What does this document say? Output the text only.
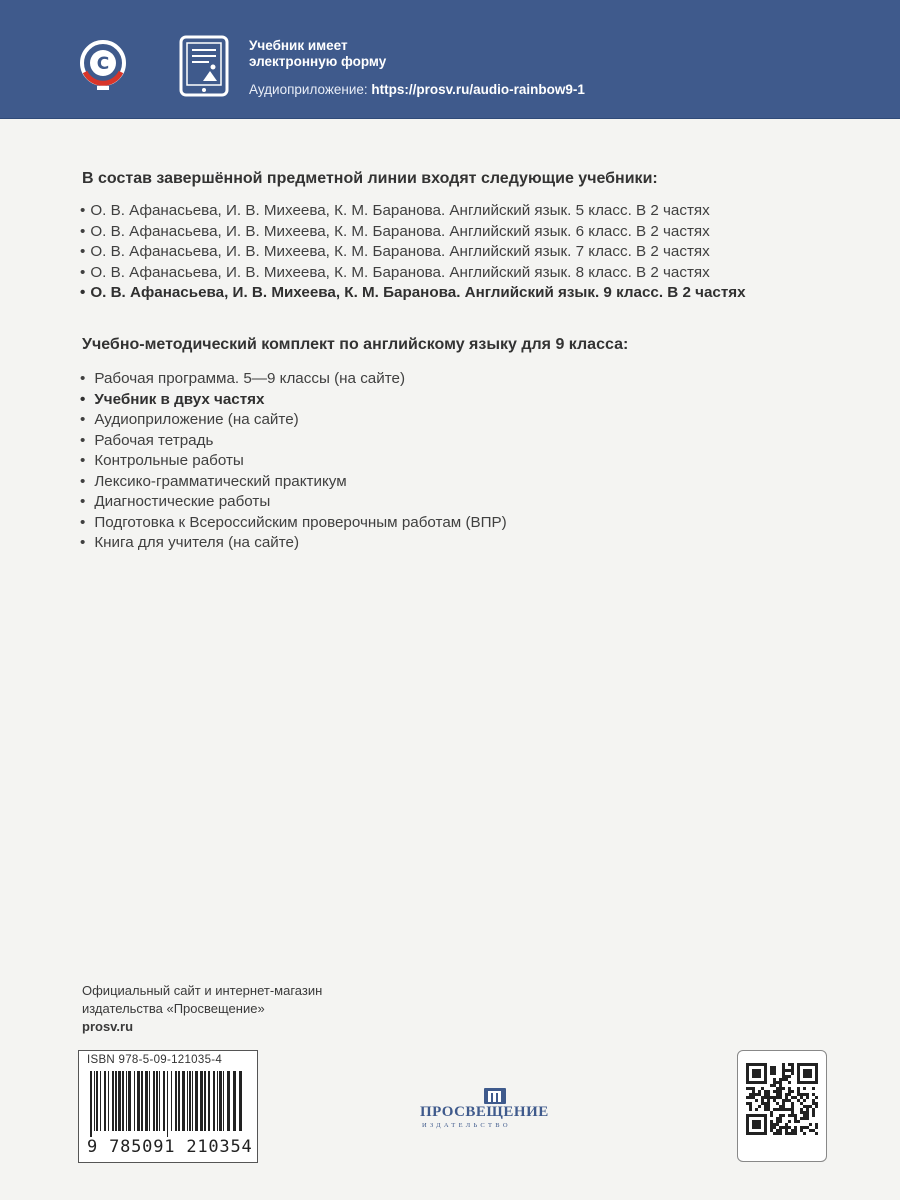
C
Учебник имеет
электронную форму
Аудиоприложение: https://prosv.ru/audio-rainbow9-1
В состав завершённой предметной линии входят следующие учебники:
• О. В. Афанасьева, И. В. Михеева, К. М. Баранова. Английский язык. 5 класс. В 2 частях
• О. В. Афанасьева, И. В. Михеева, К. М. Баранова. Английский язык. 6 класс. В 2 частях
• О. В. Афанасьева, И. В. Михеева, К. М. Баранова. Английский язык. 7 класс. В 2 частях
• О. В. Афанасьева, И. В. Михеева, К. М. Баранова. Английский язык. 8 класс. В 2 частях
• О. В. Афанасьева, И. В. Михеева, К. М. Баранова. Английский язык. 9 класс. В 2 частях
Учебно-методический комплект по английскому языку для 9 класса:
• Рабочая программа. 5—9 классы (на сайте)
• Учебник в двух частях
• Аудиоприложение (на сайте)
• Рабочая тетрадь
• Контрольные работы
• Лексико-грамматический практикум
• Диагностические работы
• Подготовка к Всероссийским проверочным работам (ВПР)
• Книга для учителя (на сайте)
Официальный сайт и интернет-магазин
издательства «Просвещение»
prosv.ru
ISBN 978-5-09-121035-4
9 785091 210354
ПРОСВЕЩЕНИЕ
ИЗДАТЕЛЬСТВО
